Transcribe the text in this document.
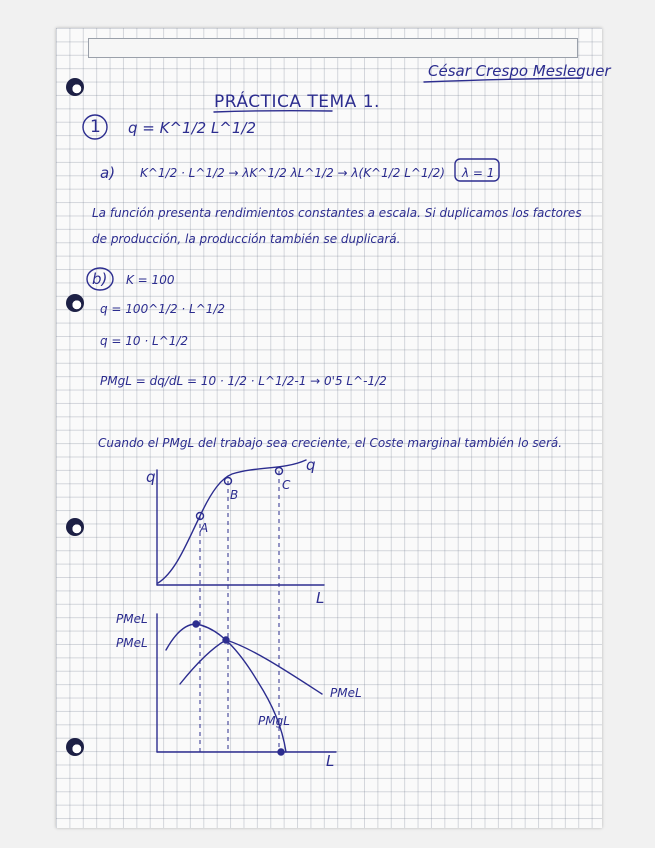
César Crespo Mesleguer
PRÁCTICA TEMA 1.
1 q = K^1/2 L^1/2
a) K^1/2 · L^1/2 → λK^1/2 λL^1/2 → λ(K^1/2 L^1/2) λ = 1
La función presenta rendimientos constantes a escala. Si duplicamos los factores
de producción, la producción también se duplicará.
b) K = 100
q = 100^1/2 · L^1/2
q = 10 · L^1/2
PMgL = dq/dL = 10 · 1/2 · L^1/2-1 → 0'5 L^-1/2
Cuando el PMgL del trabajo sea creciente, el Coste marginal también lo será.
q
L
q
A
B
C
PMeL
PMeL
L
PMeL
PMgL
